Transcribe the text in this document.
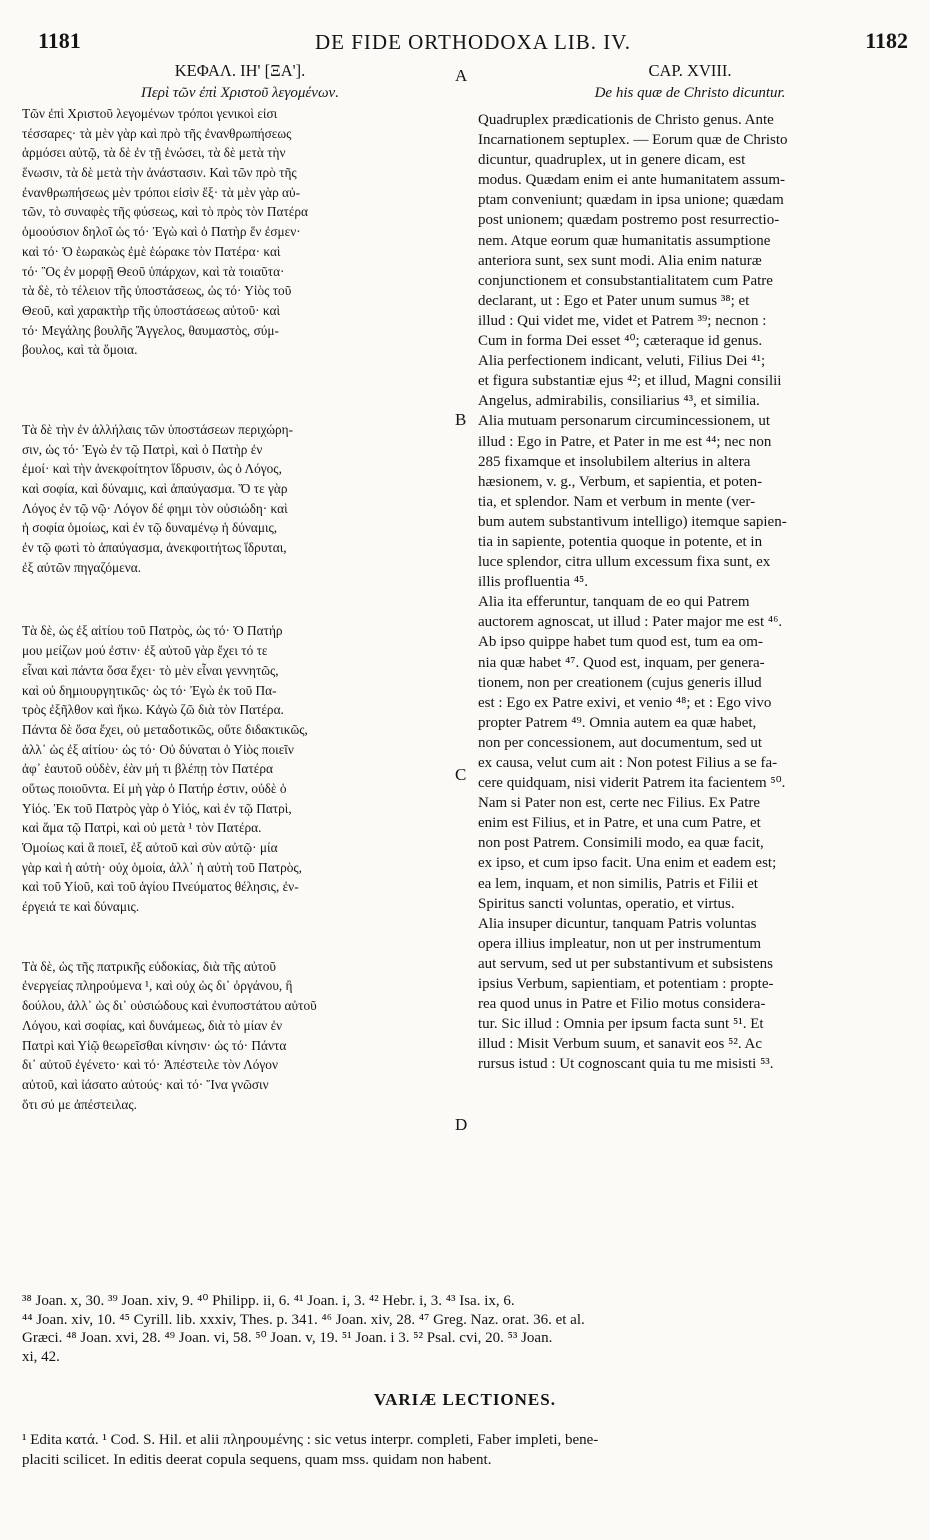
1181	DE FIDE ORTHODOXA LIB. IV.	1182
A
B
C
D
ΚΕΦΑΛ. ΙΗ' [ΞΑ'].
Περὶ τῶν ἐπὶ Χριστοῦ λεγομένων.
Τῶν ἐπὶ Χριστοῦ λεγομένων τρόποι γενικοὶ εἰσι
τέσσαρες· τὰ μὲν γὰρ καὶ πρὸ τῆς ἐνανθρωπήσεως
ἁρμόσει αὐτῷ, τὰ δὲ ἐν τῇ ἑνώσει, τὰ δὲ μετὰ τὴν
ἕνωσιν, τὰ δὲ μετὰ τὴν ἀνάστασιν. Καὶ τῶν πρὸ τῆς
ἐνανθρωπήσεως μὲν τρόποι εἰσὶν ἕξ· τὰ μὲν γὰρ αὐ-
τῶν, τὸ συναφὲς τῆς φύσεως, καὶ τὸ πρὸς τὸν Πατέρα
ὁμοούσιον δηλοῖ ὡς τό· Ἐγὼ καὶ ὁ Πατὴρ ἕν ἐσμεν·
καὶ τό· Ὁ ἑωρακὼς ἐμὲ ἑώρακε τὸν Πατέρα· καὶ
τό· Ὃς ἐν μορφῇ Θεοῦ ὑπάρχων, καὶ τὰ τοιαῦτα·
τὰ δὲ, τὸ τέλειον τῆς ὑποστάσεως, ὡς τό· Υἱὸς τοῦ
Θεοῦ, καὶ χαρακτὴρ τῆς ὑποστάσεως αὐτοῦ· καὶ
τό· Μεγάλης βουλῆς Ἄγγελος, θαυμαστὸς, σύμ-
βουλος, καὶ τὰ ὅμοια.
Τὰ δὲ τὴν ἐν ἀλλήλαις τῶν ὑποστάσεων περιχώρη-
σιν, ὡς τό· Ἐγὼ ἐν τῷ Πατρὶ, καὶ ὁ Πατὴρ ἐν
ἐμοί· καὶ τὴν ἀνεκφοίτητον ἵδρυσιν, ὡς ὁ Λόγος,
καὶ σοφία, καὶ δύναμις, καὶ ἀπαύγασμα. Ὅ τε γὰρ
Λόγος ἐν τῷ νῷ· Λόγον δέ φημι τὸν οὐσιώδη· καὶ
ἡ σοφία ὁμοίως, καὶ ἐν τῷ δυναμένῳ ἡ δύναμις,
ἐν τῷ φωτὶ τὸ ἀπαύγασμα, ἀνεκφοιτήτως ἵδρυται,
ἐξ αὐτῶν πηγαζόμενα.
Τὰ δὲ, ὡς ἐξ αἰτίου τοῦ Πατρὸς, ὡς τό· Ὁ Πατήρ
μου μείζων μού ἐστιν· ἐξ αὐτοῦ γὰρ ἔχει τό τε
εἶναι καὶ πάντα ὅσα ἔχει· τὸ μὲν εἶναι γεννητῶς,
καὶ οὐ δημιουργητικῶς· ὡς τό· Ἐγὼ ἐκ τοῦ Πα-
τρὸς ἐξῆλθον καὶ ἥκω. Κἀγὼ ζῶ διὰ τὸν Πατέρα.
Πάντα δὲ ὅσα ἔχει, οὐ μεταδοτικῶς, οὔτε διδακτικῶς,
ἀλλ᾽ ὡς ἐξ αἰτίου· ὡς τό· Οὐ δύναται ὁ Υἱὸς ποιεῖν
ἀφ᾽ ἑαυτοῦ οὐδὲν, ἐὰν μή τι βλέπῃ τὸν Πατέρα
οὕτως ποιοῦντα. Εἰ μὴ γὰρ ὁ Πατήρ ἐστιν, οὐδὲ ὁ
Υἱός. Ἐκ τοῦ Πατρὸς γὰρ ὁ Υἱός, καὶ ἐν τῷ Πατρὶ,
καὶ ἅμα τῷ Πατρὶ, καὶ οὐ μετὰ ¹ τὸν Πατέρα.
Ὁμοίως καὶ ἃ ποιεῖ, ἐξ αὐτοῦ καὶ σὺν αὐτῷ· μία
γὰρ καὶ ἡ αὐτὴ· οὐχ ὁμοία, ἀλλ᾽ ἡ αὐτὴ τοῦ Πατρὸς,
καὶ τοῦ Υἱοῦ, καὶ τοῦ ἁγίου Πνεύματος θέλησις, ἐν-
έργειά τε καὶ δύναμις.
Τὰ δὲ, ὡς τῆς πατρικῆς εὐδοκίας, διὰ τῆς αὐτοῦ
ἐνεργείας πληρούμενα ¹, καὶ οὐχ ὡς δι᾽ ὀργάνου, ἢ
δούλου, ἀλλ᾽ ὡς δι᾽ οὐσιώδους καὶ ἐνυποστάτου αὐτοῦ
Λόγου, καὶ σοφίας, καὶ δυνάμεως, διὰ τὸ μίαν ἐν
Πατρὶ καὶ Υἱῷ θεωρεῖσθαι κίνησιν· ὡς τό· Πάντα
δι᾽ αὐτοῦ ἐγένετο· καὶ τό· Ἀπέστειλε τὸν Λόγον
αὐτοῦ, καὶ ἰάσατο αὐτούς· καὶ τό· Ἵνα γνῶσιν
ὅτι σύ με ἀπέστειλας.
CAP. XVIII.
De his quæ de Christo dicuntur.
Quadruplex prædicationis de Christo genus. Ante
Incarnationem septuplex. — Eorum quæ de Christo
dicuntur, quadruplex, ut in genere dicam, est
modus. Quædam enim ei ante humanitatem assum-
ptam conveniunt; quædam in ipsa unione; quædam
post unionem; quædam postremo post resurrectio-
nem. Atque eorum quæ humanitatis assumptione
anteriora sunt, sex sunt modi. Alia enim naturæ
conjunctionem et consubstantialitatem cum Patre
declarant, ut : Ego et Pater unum sumus ³⁸; et
illud : Qui videt me, videt et Patrem ³⁹; necnon :
Cum in forma Dei esset ⁴⁰; cæteraque id genus.
Alia perfectionem indicant, veluti, Filius Dei ⁴¹;
et figura substantiæ ejus ⁴²; et illud, Magni consilii
Angelus, admirabilis, consiliarius ⁴³, et similia.
Alia mutuam personarum circumincessionem, ut
illud : Ego in Patre, et Pater in me est ⁴⁴; nec non
285 fixamque et insolubilem alterius in altera
hæsionem, v. g., Verbum, et sapientia, et poten-
tia, et splendor. Nam et verbum in mente (ver-
bum autem substantivum intelligo) itemque sapien-
tia in sapiente, potentia quoque in potente, et in
luce splendor, citra ullum excessum fixa sunt, ex
illis profluentia ⁴⁵.
Alia ita efferuntur, tanquam de eo qui Patrem
auctorem agnoscat, ut illud : Pater major me est ⁴⁶.
Ab ipso quippe habet tum quod est, tum ea om-
nia quæ habet ⁴⁷. Quod est, inquam, per genera-
tionem, non per creationem (cujus generis illud
est : Ego ex Patre exivi, et venio ⁴⁸; et : Ego vivo
propter Patrem ⁴⁹. Omnia autem ea quæ habet,
non per concessionem, aut documentum, sed ut
ex causa, velut cum ait : Non potest Filius a se fa-
cere quidquam, nisi viderit Patrem ita facientem ⁵⁰.
Nam si Pater non est, certe nec Filius. Ex Patre
enim est Filius, et in Patre, et una cum Patre, et
non post Patrem. Consimili modo, ea quæ facit,
ex ipso, et cum ipso facit. Una enim et eadem est;
ea lem, inquam, et non similis, Patris et Filii et
Spiritus sancti voluntas, operatio, et virtus.
Alia insuper dicuntur, tanquam Patris voluntas
opera illius impleatur, non ut per instrumentum
aut servum, sed ut per substantivum et subsistens
ipsius Verbum, sapientiam, et potentiam : propte-
rea quod unus in Patre et Filio motus considera-
tur. Sic illud : Omnia per ipsum facta sunt ⁵¹. Et
illud : Misit Verbum suum, et sanavit eos ⁵². Ac
rursus istud : Ut cognoscant quia tu me misisti ⁵³.
³⁸ Joan. x, 30. ³⁹ Joan. xiv, 9. ⁴⁰ Philipp. ii, 6. ⁴¹ Joan. i, 3. ⁴² Hebr. i, 3. ⁴³ Isa. ix, 6.
⁴⁴ Joan. xiv, 10. ⁴⁵ Cyrill. lib. xxxiv, Thes. p. 341. ⁴⁶ Joan. xiv, 28. ⁴⁷ Greg. Naz. orat. 36. et al.
Græci. ⁴⁸ Joan. xvi, 28. ⁴⁹ Joan. vi, 58. ⁵⁰ Joan. v, 19. ⁵¹ Joan. i 3. ⁵² Psal. cvi, 20. ⁵³ Joan.
xi, 42.
VARIÆ LECTIONES.
¹ Edita κατά. ¹ Cod. S. Hil. et alii πληρουμένης : sic vetus interpr. completi, Faber impleti, bene-
placiti scilicet. In editis deerat copula sequens, quam mss. quidam non habent.
